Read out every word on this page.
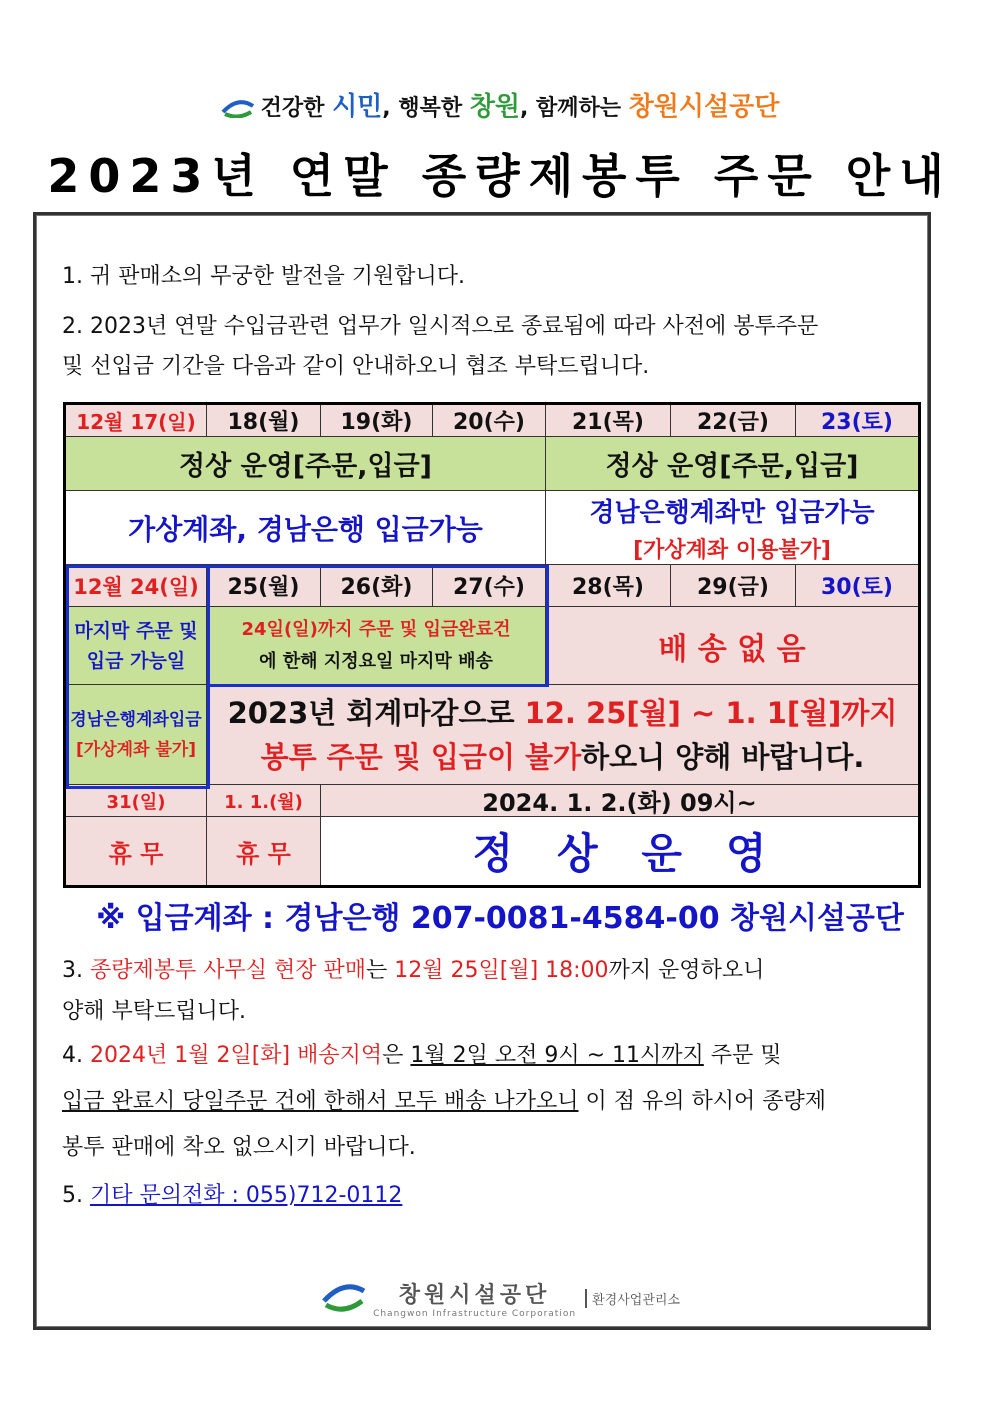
건강한 시민, 행복한 창원, 함께하는 창원시설공단
2023년 연말 종량제봉투 주문 안내
1. 귀 판매소의 무궁한 발전을 기원합니다.
2. 2023년 연말 수입금관련 업무가 일시적으로 종료됨에 따라 사전에 봉투주문
및 선입금 기간을 다음과 같이 안내하오니 협조 부탁드립니다.
12월 17(일)	18(월)	19(화)	20(수)	21(목)	22(금)	23(토)
정상 운영[주문,입금]	정상 운영[주문,입금]
가상계좌, 경남은행 입금가능	경남은행계좌만 입금가능
[가상계좌 이용불가]
12월 24(일)	25(월)	26(화)	27(수)	28(목)	29(금)	30(토)
마지막 주문 및
입금 가능일
24일(일)까지 주문 및 입금완료건
에 한해 지정요일 마지막 배송	배 송 없 음
경남은행계좌입금
[가상계좌 불가]
2023년 회계마감으로 12. 25[월] ~ 1. 1[월]까지
봉투 주문 및 입금이 불가하오니 양해 바랍니다.
31(일)	1. 1.(월)	2024. 1. 2.(화) 09시~
휴 무	휴 무	정   상   운   영
※ 입금계좌 : 경남은행 207-0081-4584-00 창원시설공단
3. 종량제봉투 사무실 현장 판매는 12월 25일[월] 18:00까지 운영하오니
양해 부탁드립니다.
4. 2024년 1월 2일[화] 배송지역은 1월 2일 오전 9시 ~ 11시까지 주문 및
입금 완료시 당일주문 건에 한해서 모두 배송 나가오니 이 점 유의 하시어 종량제
봉투 판매에 착오 없으시기 바랍니다.
5. 기타 문의전화 : 055)712-0112
창원시설공단
Changwon Infrastructure Corporation
환경사업관리소
